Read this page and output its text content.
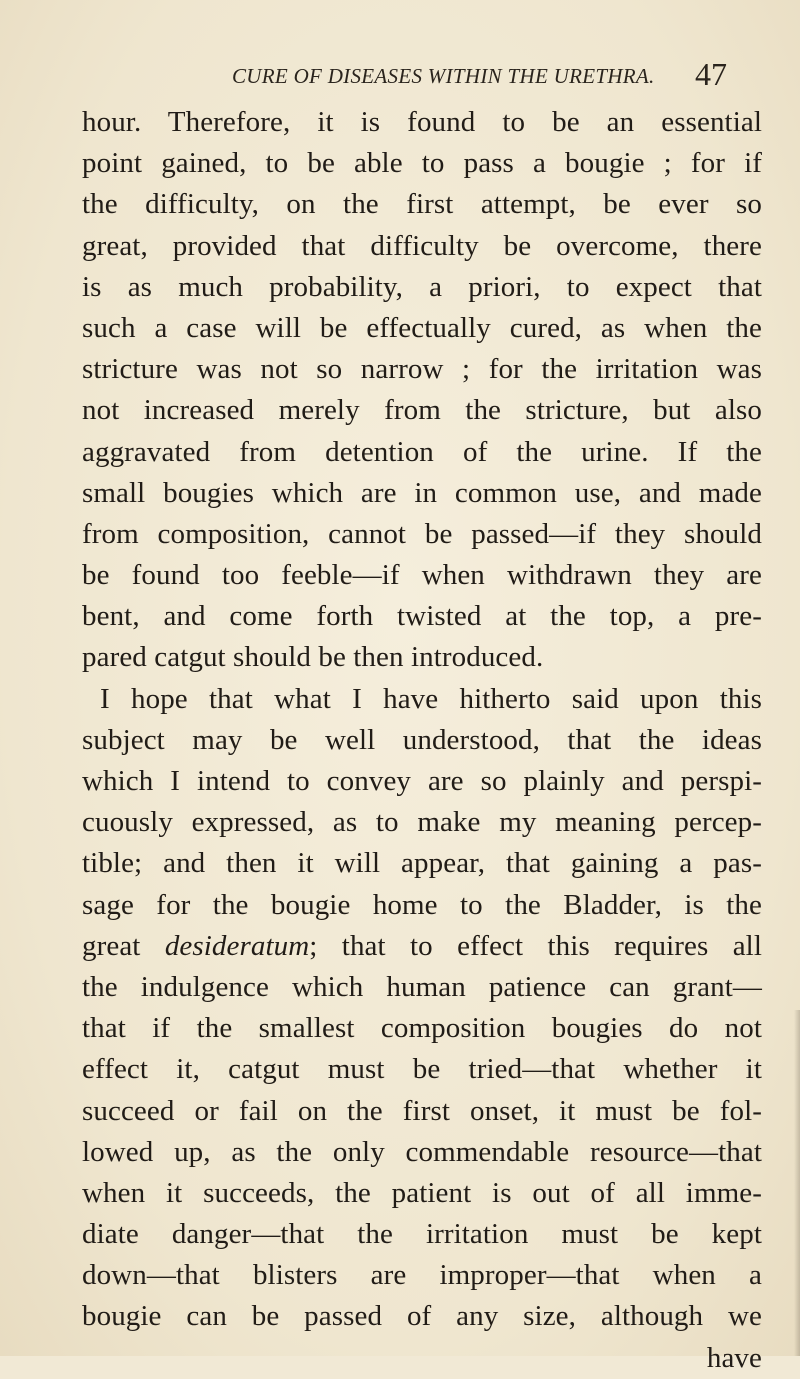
CURE OF DISEASES WITHIN THE URETHRA. 47
hour. Therefore, it is found to be an essential
point gained, to be able to pass a bougie ; for if
the difficulty, on the first attempt, be ever so
great, provided that difficulty be overcome, there
is as much probability, a priori, to expect that
such a case will be effectually cured, as when the
stricture was not so narrow ; for the irritation was
not increased merely from the stricture, but also
aggravated from detention of the urine. If the
small bougies which are in common use, and made
from composition, cannot be passed—if they should
be found too feeble—if when withdrawn they are
bent, and come forth twisted at the top, a pre-
pared catgut should be then introduced.
I hope that what I have hitherto said upon this
subject may be well understood, that the ideas
which I intend to convey are so plainly and perspi-
cuously expressed, as to make my meaning percep-
tible; and then it will appear, that gaining a pas-
sage for the bougie home to the Bladder, is the
great desideratum; that to effect this requires all
the indulgence which human patience can grant—
that if the smallest composition bougies do not
effect it, catgut must be tried—that whether it
succeed or fail on the first onset, it must be fol-
lowed up, as the only commendable resource—that
when it succeeds, the patient is out of all imme-
diate danger—that the irritation must be kept
down—that blisters are improper—that when a
bougie can be passed of any size, although we
have
